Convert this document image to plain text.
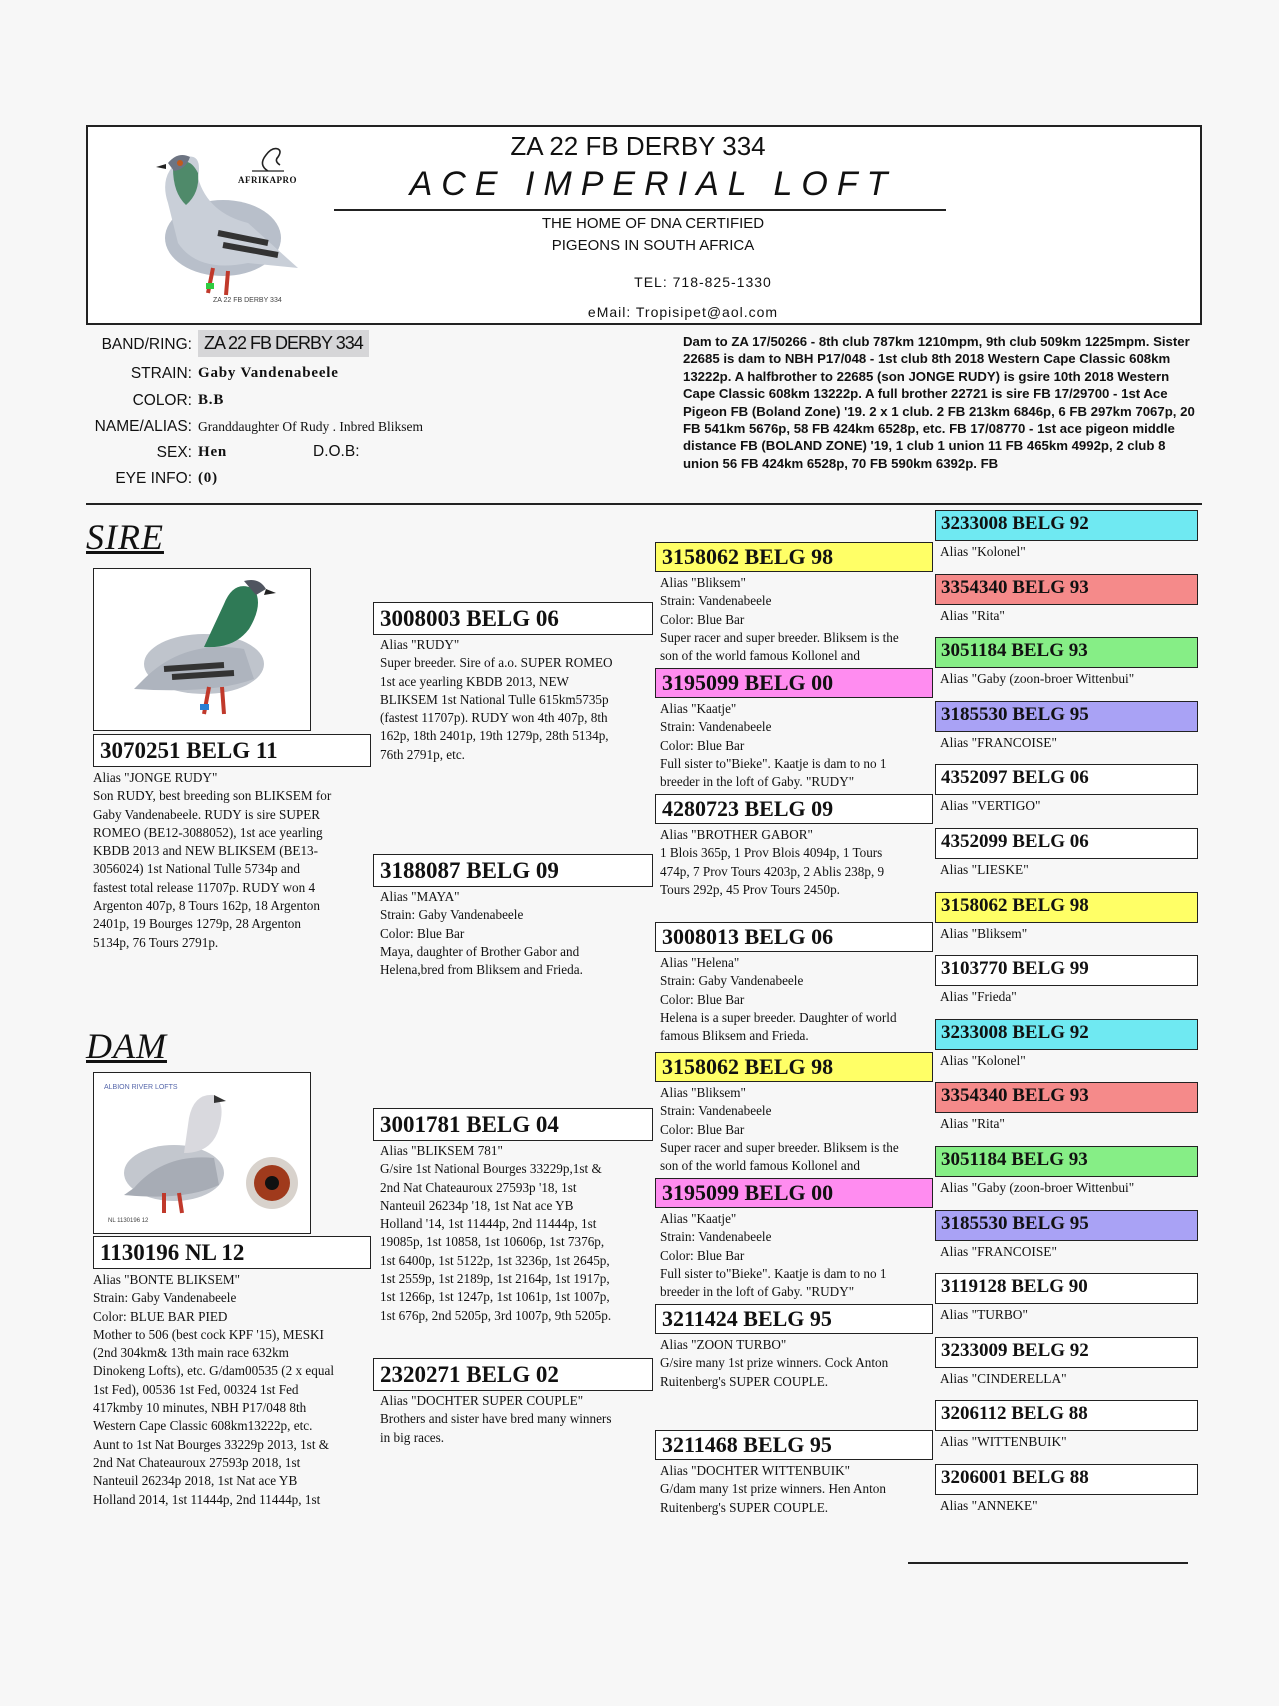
ZA 22 FB DERBY 334
AFRIKAPRO
ZA 22 FB DERBY 334
ACE IMPERIAL LOFT
THE HOME OF DNA CERTIFIED
PIGEONS IN SOUTH AFRICA
TEL: 718-825-1330
eMail: Tropisipet@aol.com
BAND/RING: ZA 22 FB DERBY 334
STRAIN: Gaby Vandenabeele
COLOR: B.B
NAME/ALIAS: Granddaughter Of Rudy . Inbred Bliksem
SEX: Hen	D.O.B:
EYE INFO: (0)
Dam to ZA 17/50266 - 8th club 787km 1210mpm, 9th club 509km 1225mpm. Sister 22685 is dam to NBH P17/048 - 1st club 8th 2018 Western Cape Classic 608km 13222p. A halfbrother to 22685 (son JONGE RUDY) is gsire 10th 2018 Western Cape Classic 608km 13222p. A full brother 22721 is sire FB 17/29700 - 1st Ace Pigeon FB (Boland Zone) '19. 2 x 1 club. 2 FB 213km 6846p, 6 FB 297km 7067p, 20 FB 541km 5676p, 58 FB 424km 6528p, etc. FB 17/08770 - 1st ace pigeon middle distance FB (BOLAND ZONE) '19, 1 club 1 union 11 FB 465km 4992p, 2 club 8 union 56 FB 424km 6528p, 70 FB 590km 6392p. FB
SIRE
DAM
3070251 BELG 11
Alias "JONGE RUDY"
Son RUDY, best breeding son BLIKSEM for
Gaby Vandenabeele. RUDY is sire SUPER
ROMEO (BE12-3088052), 1st ace yearling
KBDB 2013 and NEW BLIKSEM (BE13-
3056024) 1st National Tulle 5734p and
fastest total release 11707p. RUDY won 4
Argenton 407p, 8 Tours 162p, 18 Argenton
2401p, 19 Bourges 1279p, 28 Argenton
5134p, 76 Tours 2791p.
ALBION RIVER LOFTS
NL 1130196 12
1130196 NL 12
Alias "BONTE BLIKSEM"
Strain: Gaby Vandenabeele
Color: BLUE BAR PIED
Mother to 506 (best cock KPF '15), MESKI
(2nd 304km& 13th main race 632km
Dinokeng Lofts), etc. G/dam00535 (2 x equal
1st Fed), 00536 1st Fed, 00324 1st Fed
417kmby 10 minutes, NBH P17/048 8th
Western Cape Classic 608km13222p, etc.
Aunt to 1st Nat Bourges 33229p 2013, 1st &
2nd Nat Chateauroux 27593p 2018, 1st
Nanteuil 26234p 2018, 1st Nat ace YB
Holland 2014, 1st 11444p, 2nd 11444p, 1st
3008003 BELG 06
Alias "RUDY"
Super breeder. Sire of a.o. SUPER ROMEO
1st ace yearling KBDB 2013, NEW
BLIKSEM 1st National Tulle 615km5735p
(fastest 11707p). RUDY won 4th 407p, 8th
162p, 18th 2401p, 19th 1279p, 28th 5134p,
76th 2791p, etc.
3188087 BELG 09
Alias "MAYA"
Strain: Gaby Vandenabeele
Color: Blue Bar
Maya, daughter of Brother Gabor and
Helena,bred from Bliksem and Frieda.
3001781 BELG 04
Alias "BLIKSEM 781"
G/sire 1st National Bourges 33229p,1st &
2nd Nat Chateauroux 27593p '18, 1st
Nanteuil 26234p '18, 1st Nat ace YB
Holland '14, 1st 11444p, 2nd 11444p, 1st
19085p, 1st 10858, 1st 10606p, 1st 7376p,
1st 6400p, 1st 5122p, 1st 3236p, 1st 2645p,
1st 2559p, 1st 2189p, 1st 2164p, 1st 1917p,
1st 1266p, 1st 1247p, 1st 1061p, 1st 1007p,
1st 676p, 2nd 5205p, 3rd 1007p, 9th 5205p.
2320271 BELG 02
Alias "DOCHTER SUPER COUPLE"
Brothers and sister have bred many winners
in big races.
3158062 BELG 98
Alias "Bliksem"
Strain: Vandenabeele
Color: Blue Bar
Super racer and super breeder. Bliksem is the
son of the world famous Kollonel and
3195099 BELG 00
Alias "Kaatje"
Strain: Vandenabeele
Color: Blue Bar
Full sister to"Bieke". Kaatje is dam to no 1
breeder in the loft of Gaby. "RUDY"
4280723 BELG 09
Alias "BROTHER GABOR"
1 Blois 365p, 1 Prov Blois 4094p, 1 Tours
474p, 7 Prov Tours 4203p, 2 Ablis 238p, 9
Tours 292p, 45 Prov Tours 2450p.
3008013 BELG 06
Alias "Helena"
Strain: Gaby Vandenabeele
Color: Blue Bar
Helena is a super breeder. Daughter of world
famous Bliksem and Frieda.
3158062 BELG 98
Alias "Bliksem"
Strain: Vandenabeele
Color: Blue Bar
Super racer and super breeder. Bliksem is the
son of the world famous Kollonel and
3195099 BELG 00
Alias "Kaatje"
Strain: Vandenabeele
Color: Blue Bar
Full sister to"Bieke". Kaatje is dam to no 1
breeder in the loft of Gaby. "RUDY"
3211424 BELG 95
Alias "ZOON TURBO"
G/sire many 1st prize winners. Cock Anton
Ruitenberg's SUPER COUPLE.
3211468 BELG 95
Alias "DOCHTER WITTENBUIK"
G/dam many 1st prize winners. Hen Anton
Ruitenberg's SUPER COUPLE.
3233008 BELG 92
Alias "Kolonel"
3354340 BELG 93
Alias "Rita"
3051184 BELG 93
Alias "Gaby (zoon-broer Wittenbui"
3185530 BELG 95
Alias "FRANCOISE"
4352097 BELG 06
Alias "VERTIGO"
4352099 BELG 06
Alias "LIESKE"
3158062 BELG 98
Alias "Bliksem"
3103770 BELG 99
Alias "Frieda"
3233008 BELG 92
Alias "Kolonel"
3354340 BELG 93
Alias "Rita"
3051184 BELG 93
Alias "Gaby (zoon-broer Wittenbui"
3185530 BELG 95
Alias "FRANCOISE"
3119128 BELG 90
Alias "TURBO"
3233009 BELG 92
Alias "CINDERELLA"
3206112 BELG 88
Alias "WITTENBUIK"
3206001 BELG 88
Alias "ANNEKE"
